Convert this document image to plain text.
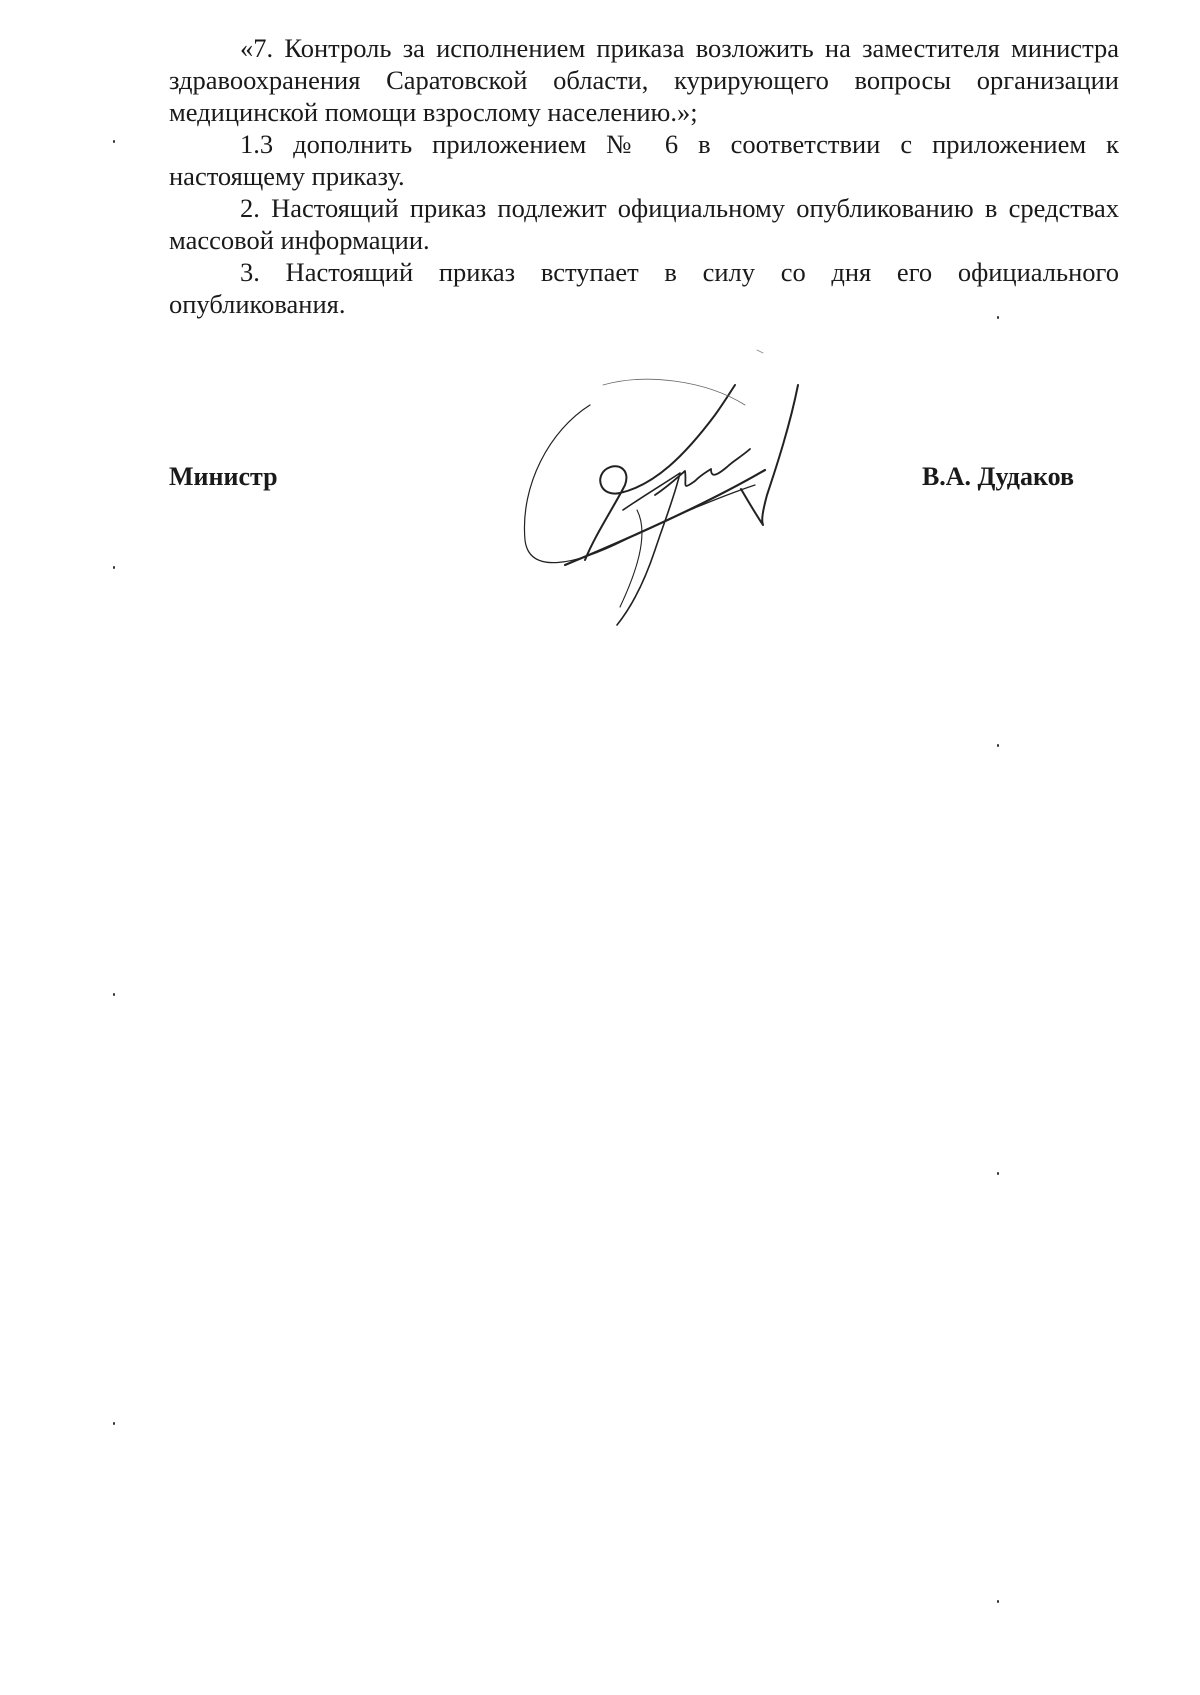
«7. Контроль за исполнением приказа возложить на заместителя министра здравоохранения Саратовской области, курирующего вопросы организации медицинской помощи взрослому населению.»;

1.3 дополнить приложением № 6 в соответствии с приложением к настоящему приказу.

2. Настоящий приказ подлежит официальному опубликованию в средствах массовой информации.

3. Настоящий приказ вступает в силу со дня его официального опубликования.

Министр	В.А. Дудаков
